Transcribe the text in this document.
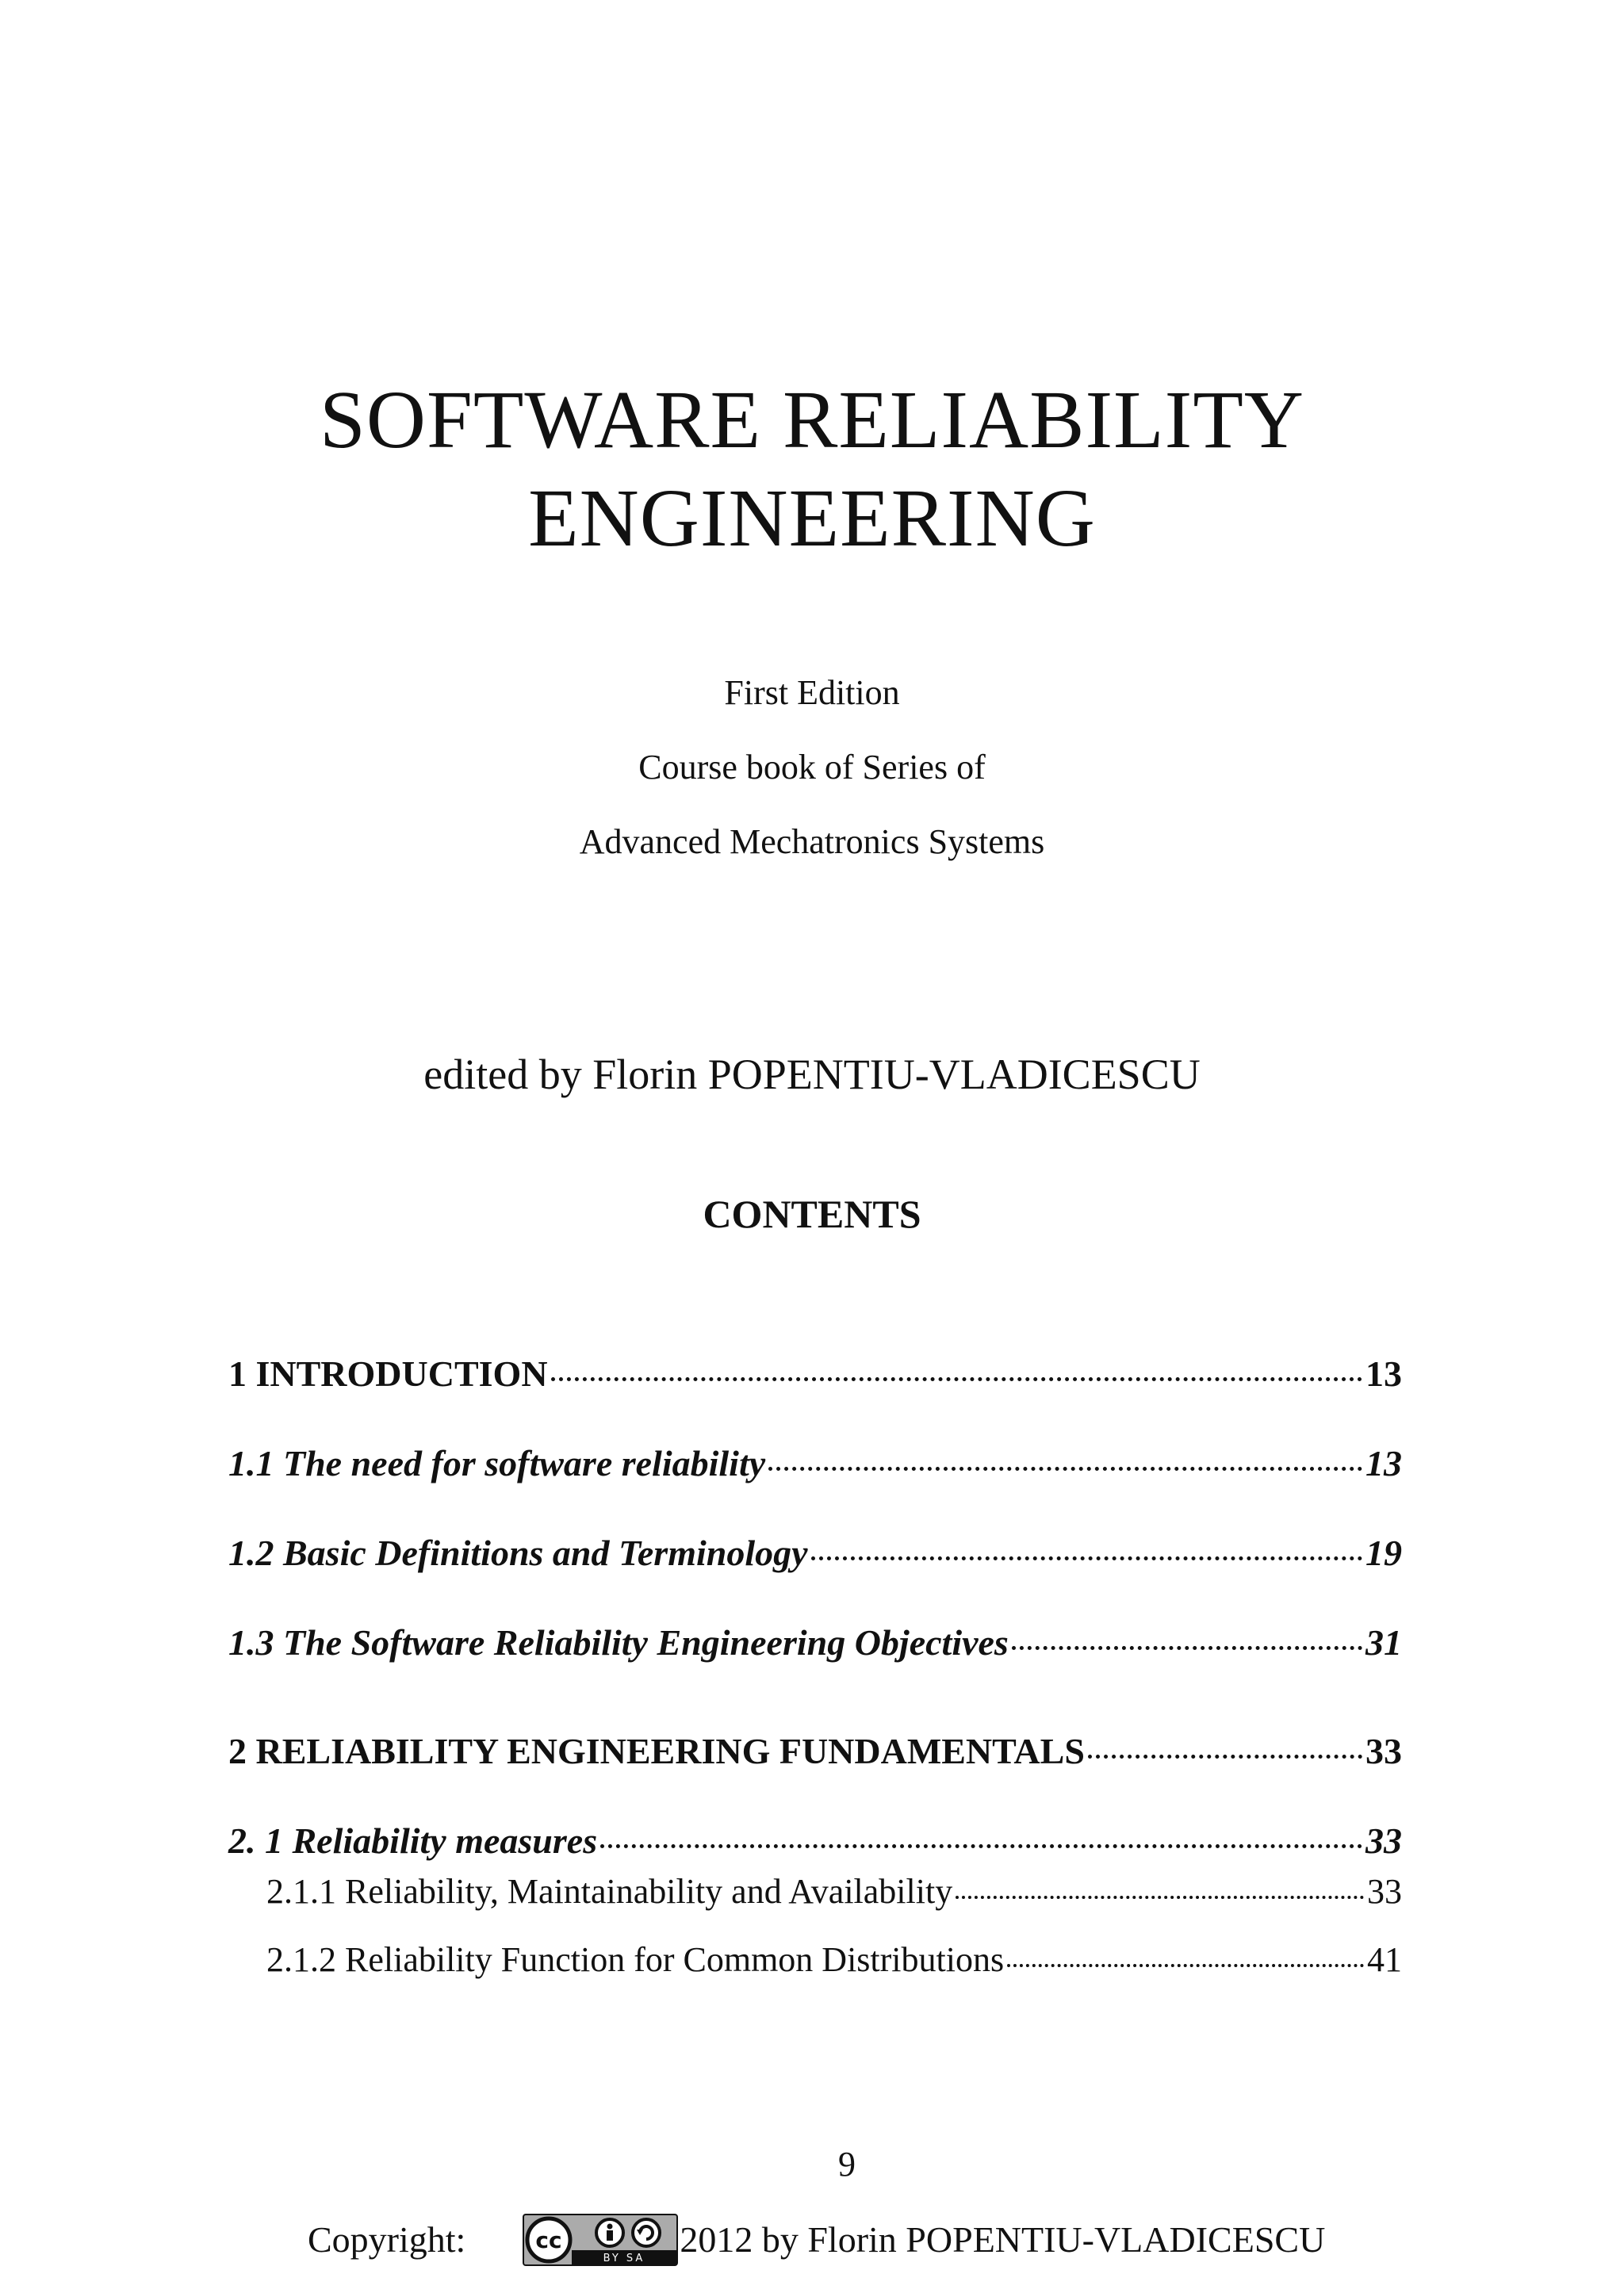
SOFTWARE RELIABILITY
ENGINEERING
First Edition
Course book of Series of
Advanced Mechatronics Systems
edited by Florin POPENTIU-VLADICESCU
CONTENTS
1 INTRODUCTION	13
1.1 The need for software reliability	13
1.2 Basic Definitions and Terminology	19
1.3 The Software Reliability Engineering Objectives	31
2 RELIABILITY ENGINEERING FUNDAMENTALS	33
2. 1 Reliability measures	33
2.1.1 Reliability, Maintainability and Availability	33
2.1.2 Reliability Function for Common Distributions	41
9
Copyright:	cc
BY SA 2012 by Florin POPENTIU-VLADICESCU
